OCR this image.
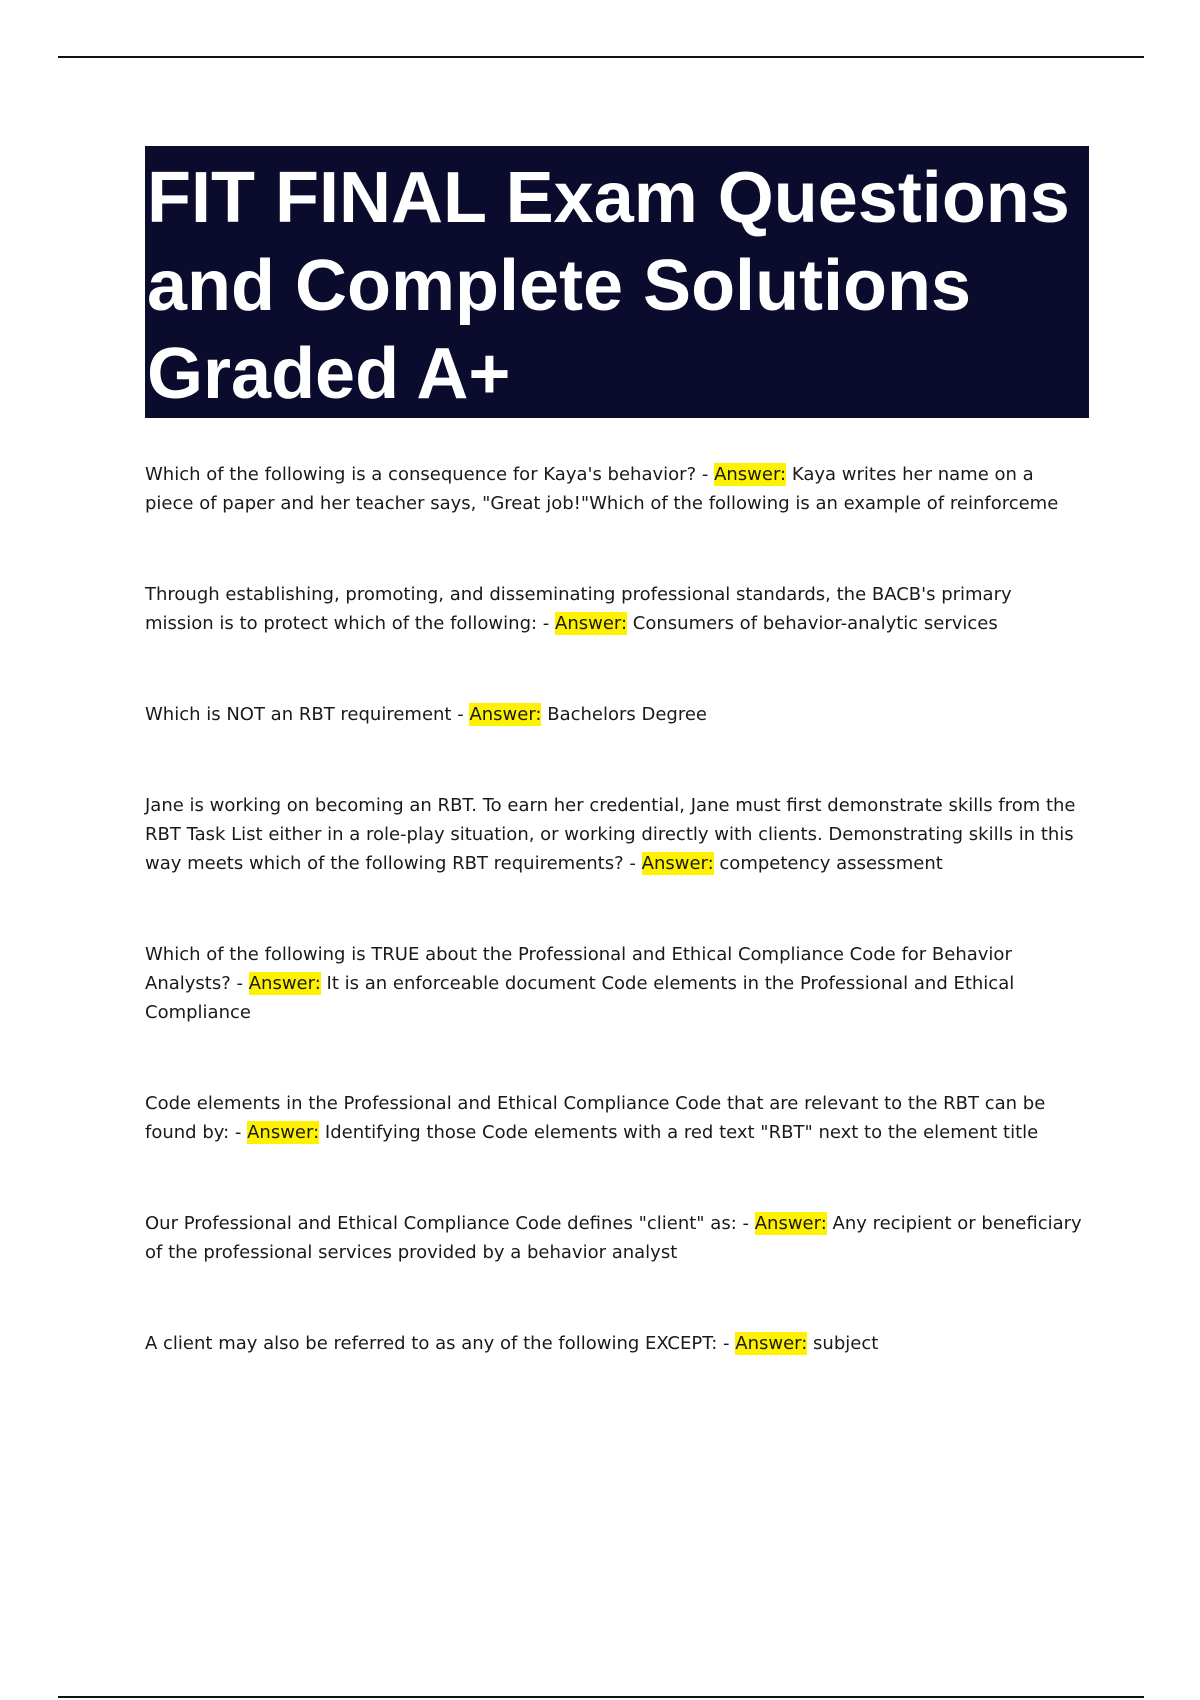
FIT FINAL Exam Questions and Complete Solutions Graded A+

Which of the following is a consequence for Kaya's behavior? - Answer: Kaya writes her name on a piece of paper and her teacher says, "Great job!"Which of the following is an example of reinforceme

Through establishing, promoting, and disseminating professional standards, the BACB's primary mission is to protect which of the following: - Answer: Consumers of behavior-analytic services

Which is NOT an RBT requirement - Answer: Bachelors Degree

Jane is working on becoming an RBT. To earn her credential, Jane must first demonstrate skills from the RBT Task List either in a role-play situation, or working directly with clients. Demonstrating skills in this way meets which of the following RBT requirements? - Answer: competency assessment

Which of the following is TRUE about the Professional and Ethical Compliance Code for Behavior Analysts? - Answer: It is an enforceable document Code elements in the Professional and Ethical Compliance

Code elements in the Professional and Ethical Compliance Code that are relevant to the RBT can be found by: - Answer: Identifying those Code elements with a red text "RBT" next to the element title

Our Professional and Ethical Compliance Code defines "client" as: - Answer: Any recipient or beneficiary of the professional services provided by a behavior analyst

A client may also be referred to as any of the following EXCEPT: - Answer: subject
